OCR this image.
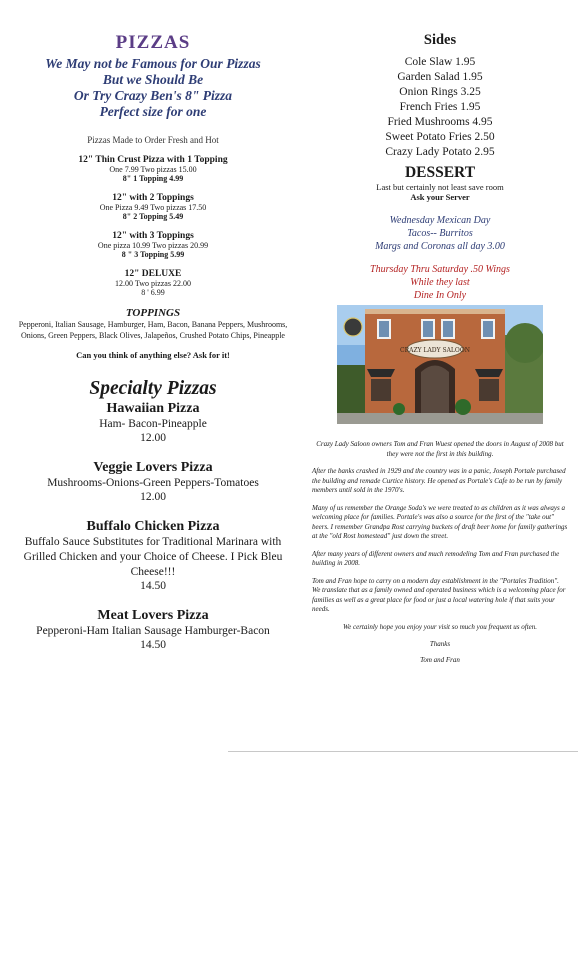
PIZZAS
We May not be Famous for Our Pizzas
But we Should Be
Or Try Crazy Ben's 8" Pizza
Perfect size for one
Pizzas Made to Order Fresh and Hot
12" Thin Crust Pizza with 1 Topping
One 7.99 Two pizzas 15.00
8" 1 Topping 4.99
12" with 2 Toppings
One Pizza 9.49 Two pizzas 17.50
8" 2 Topping 5.49
12" with 3 Toppings
One pizza 10.99 Two pizzas 20.99
8 " 3 Topping 5.99
12" DELUXE
12.00 Two pizzas 22.00
8 ' 6.99
TOPPINGS
Pepperoni, Italian Sausage, Hamburger, Ham, Bacon, Banana Peppers, Mushrooms, Onions, Green Peppers, Black Olives, Jalapeños, Crushed Potato Chips, Pineapple
Can you think of anything else? Ask for it!
Specialty Pizzas
Hawaiian Pizza
Ham- Bacon-Pineapple
12.00
Veggie Lovers Pizza
Mushrooms-Onions-Green Peppers-Tomatoes
12.00
Buffalo Chicken Pizza
Buffalo Sauce Substitutes for Traditional Marinara with Grilled Chicken and your Choice of Cheese. I Pick Bleu Cheese!!!
14.50
Meat Lovers Pizza
Pepperoni-Ham Italian Sausage Hamburger-Bacon
14.50
Sides
Cole Slaw 1.95
Garden Salad 1.95
Onion Rings 3.25
French Fries 1.95
Fried Mushrooms 4.95
Sweet Potato Fries 2.50
Crazy Lady Potato 2.95
DESSERT
Last but certainly not least save room
Ask your Server
Wednesday Mexican Day
Tacos-- Burritos
Margs and Coronas all day 3.00
Thursday Thru Saturday .50 Wings
While they last
Dine In Only
CRAZY LADY SALOON

Crazy Lady Saloon owners Tom and Fran Wuest opened the doors in August of 2008 but they were not the first in this building.

After the banks crashed in 1929 and the country was in a panic, Joseph Portale purchased the building and remade Curtice history. He opened as Portale's Cafe to be run by family members until sold in the 1970's.

Many of us remember the Orange Soda's we were treated to as children as it was always a welcoming place for families. Portale's was also a source for the first of the "take out" beers. I remember Grandpa Rost carrying buckets of draft beer home for family gatherings at the "old Rost homestead" just down the street.

After many years of different owners and much remodeling Tom and Fran purchased the building in 2008.

Tom and Fran hope to carry on a modern day establishment in the "Portales Tradition". We translate that as a family owned and operated business which is a welcoming place for families as well as a great place for food or just a local watering hole if that suits your needs.

We certainly hope you enjoy your visit so much you frequent us often.

Thanks

Tom and Fran
